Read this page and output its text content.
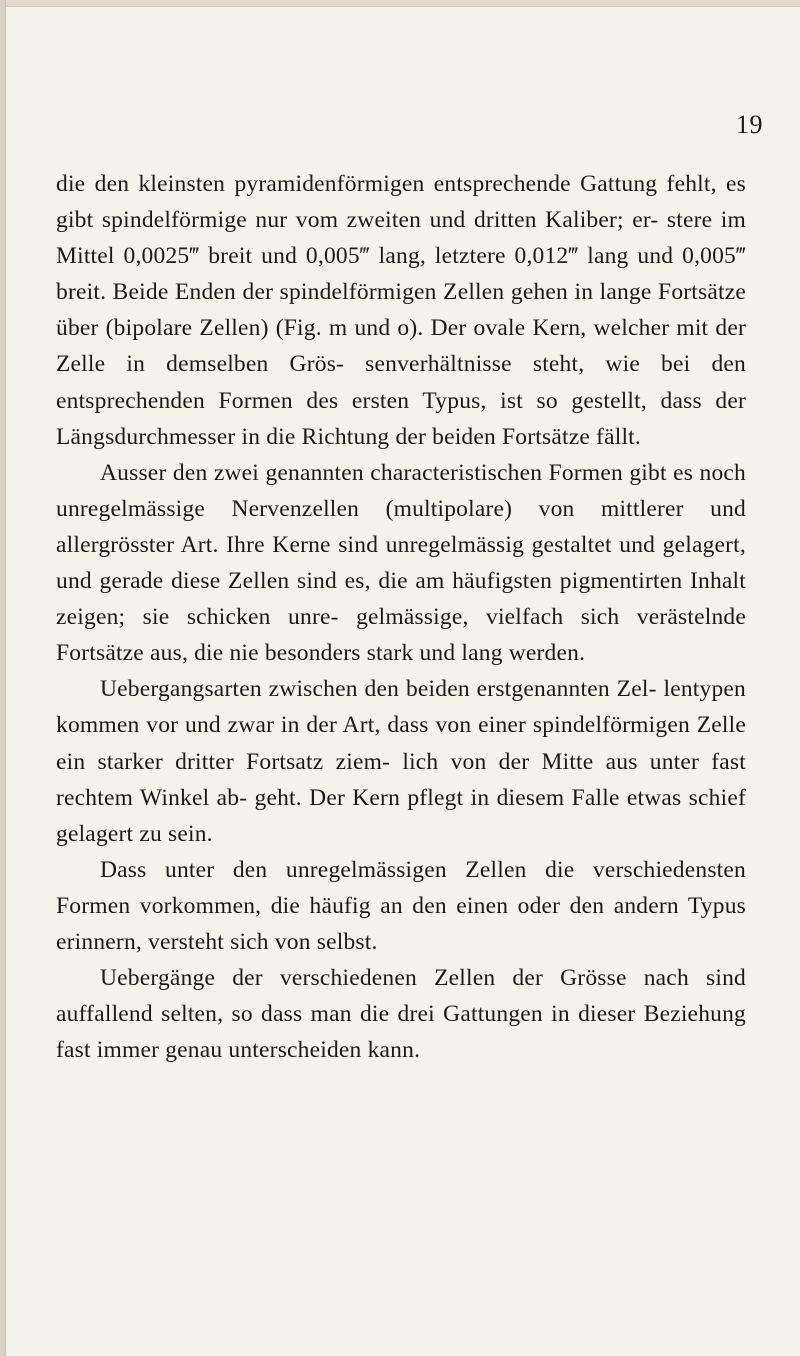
19

die den kleinsten pyramidenförmigen entsprechende Gattung fehlt, es gibt spindelförmige nur vom zweiten und dritten Kaliber; er- stere im Mittel 0,0025‴ breit und 0,005‴ lang, letztere 0,012‴ lang und 0,005‴ breit. Beide Enden der spindelförmigen Zellen gehen in lange Fortsätze über (bipolare Zellen) (Fig. m und o). Der ovale Kern, welcher mit der Zelle in demselben Grös- senverhältnisse steht, wie bei den entsprechenden Formen des ersten Typus, ist so gestellt, dass der Längsdurchmesser in die Richtung der beiden Fortsätze fällt.

Ausser den zwei genannten characteristischen Formen gibt es noch unregelmässige Nervenzellen (multipolare) von mittlerer und allergrösster Art. Ihre Kerne sind unregelmässig gestaltet und gelagert, und gerade diese Zellen sind es, die am häufigsten pigmentirten Inhalt zeigen; sie schicken unre- gelmässige, vielfach sich verästelnde Fortsätze aus, die nie besonders stark und lang werden.

Uebergangsarten zwischen den beiden erstgenannten Zel- lentypen kommen vor und zwar in der Art, dass von einer spindelförmigen Zelle ein starker dritter Fortsatz ziem- lich von der Mitte aus unter fast rechtem Winkel ab- geht. Der Kern pflegt in diesem Falle etwas schief gelagert zu sein.

Dass unter den unregelmässigen Zellen die verschiedensten Formen vorkommen, die häufig an den einen oder den andern Typus erinnern, versteht sich von selbst.

Uebergänge der verschiedenen Zellen der Grösse nach sind auffallend selten, so dass man die drei Gattungen in dieser Beziehung fast immer genau unterscheiden kann.
